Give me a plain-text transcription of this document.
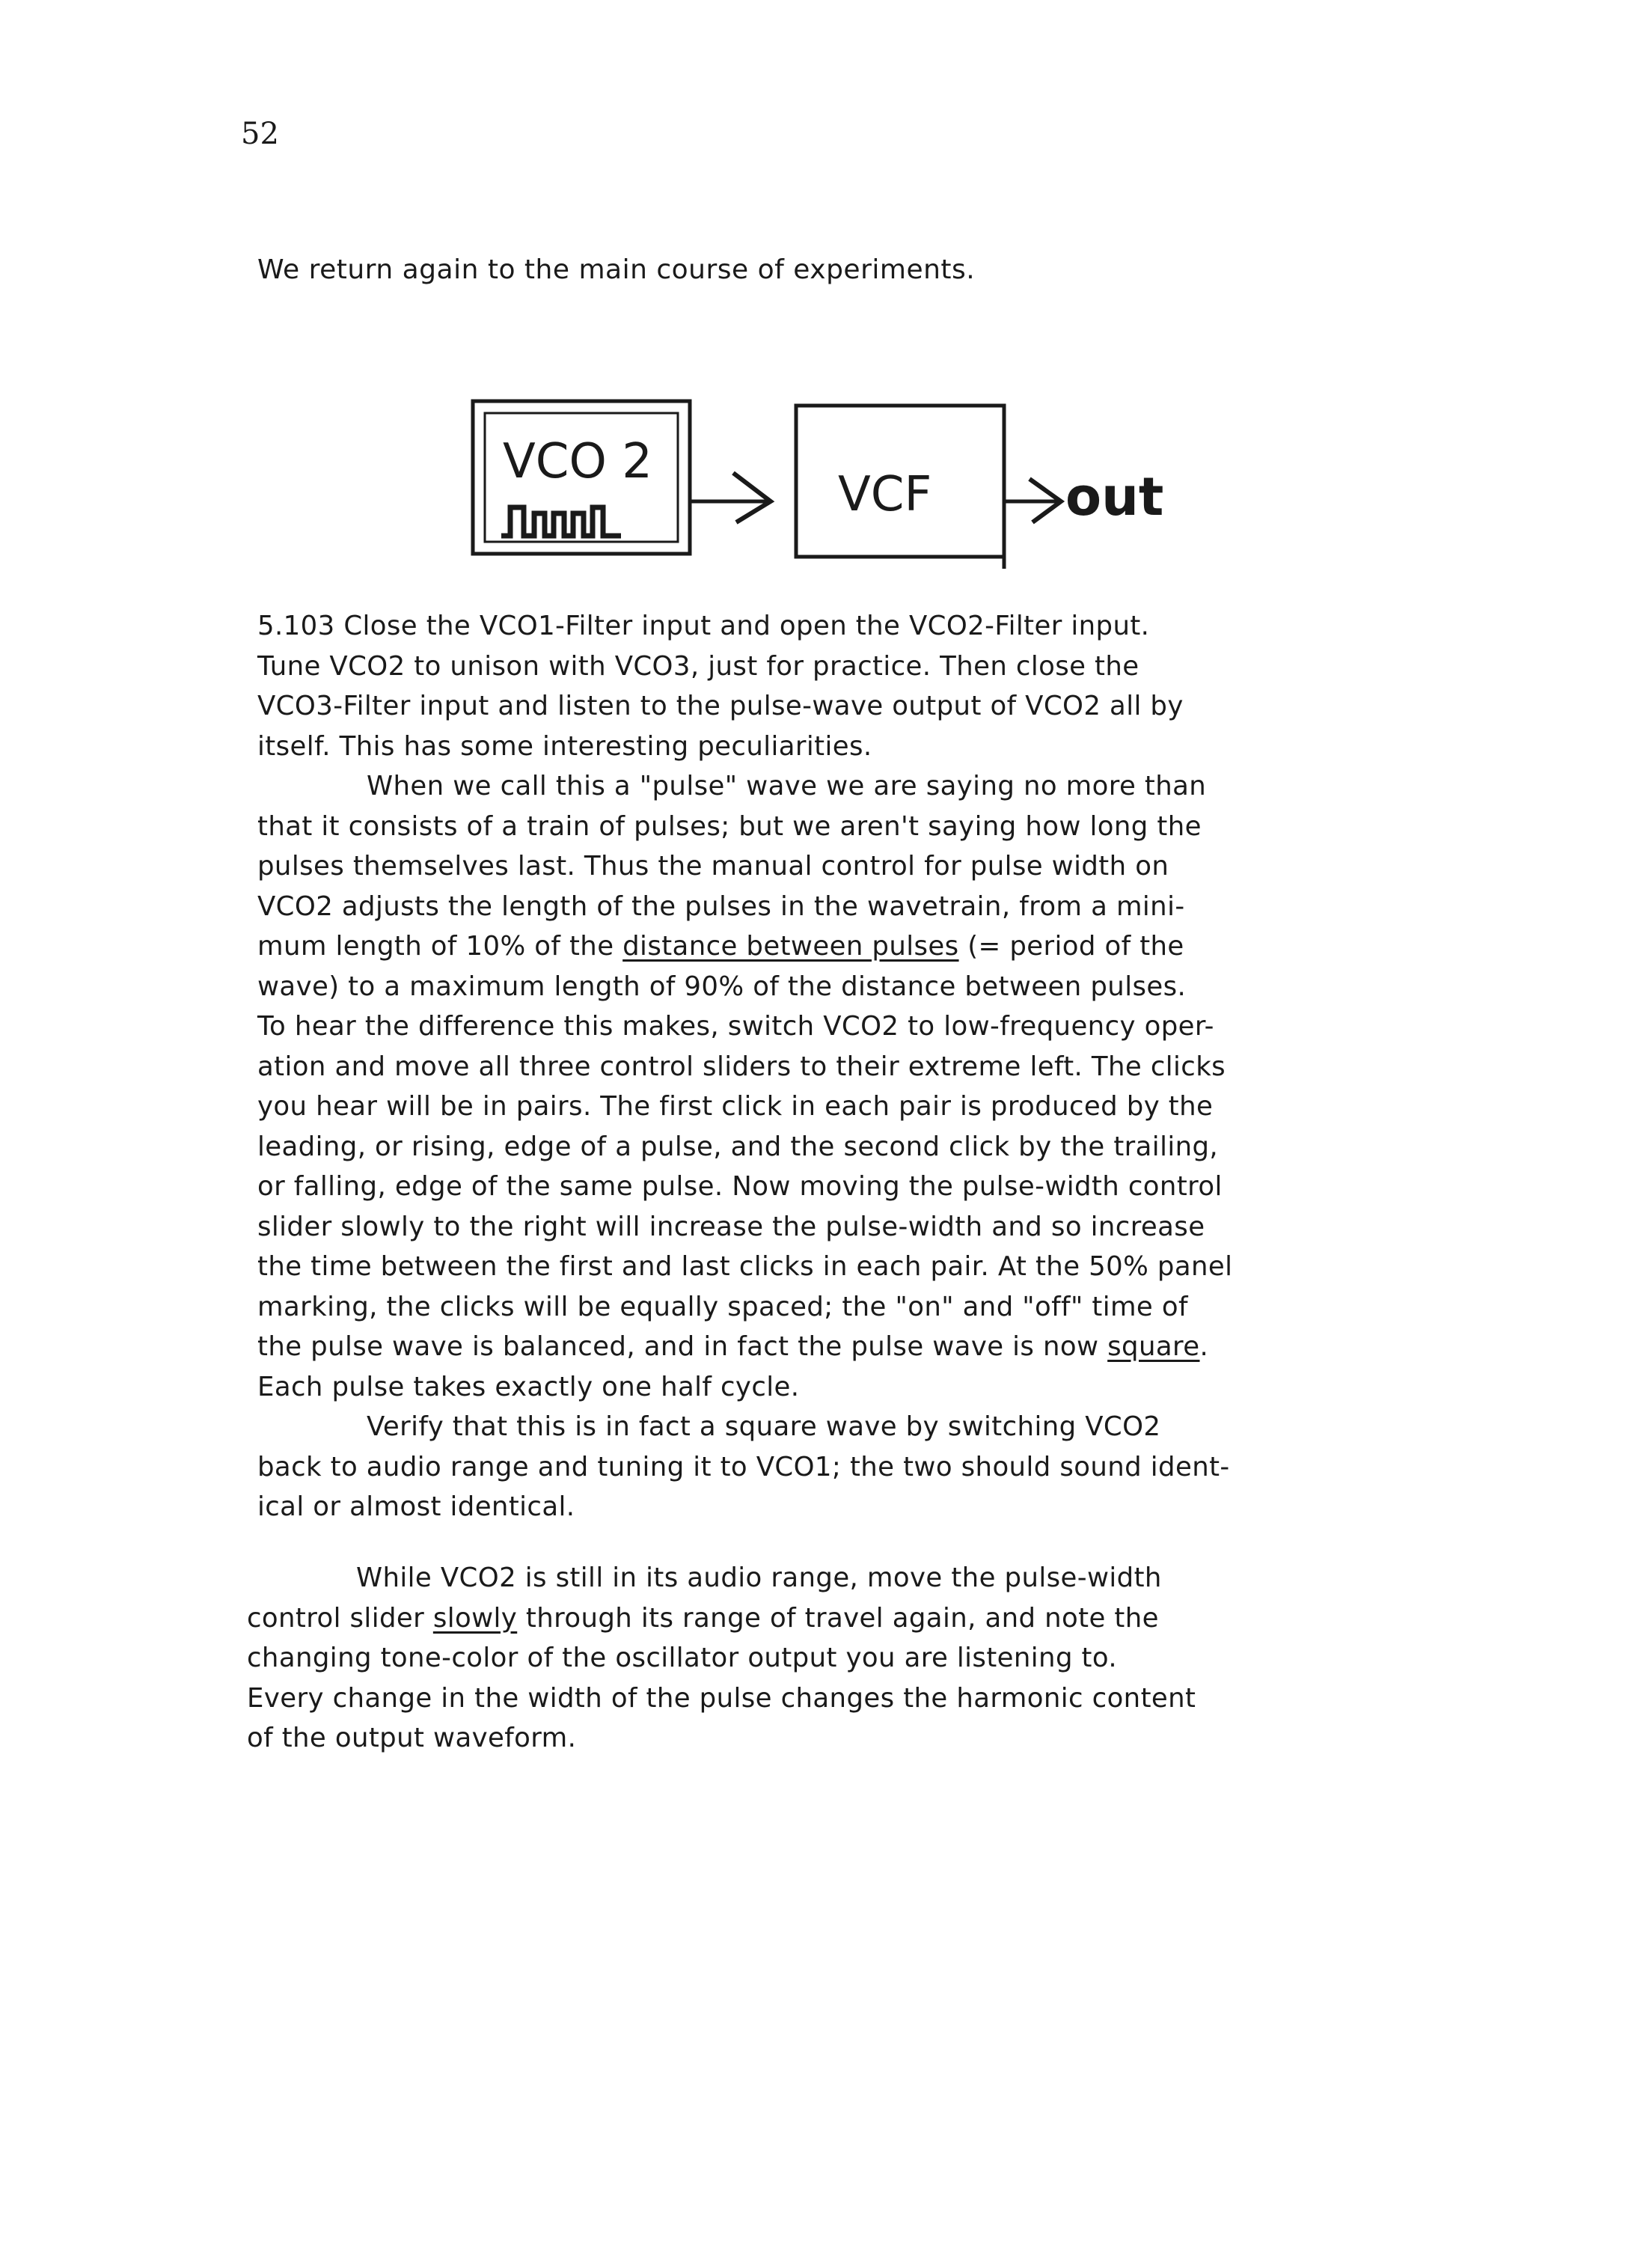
52
We return again to the main course of experiments.
VCO 2
VCF	out
5.103 Close the VCO1-Filter input and open the VCO2-Filter input.
Tune VCO2 to unison with VCO3, just for practice. Then close the
VCO3-Filter input and listen to the pulse-wave output of VCO2 all by
itself. This has some interesting peculiarities.
When we call this a "pulse" wave we are saying no more than
that it consists of a train of pulses; but we aren't saying how long the
pulses themselves last. Thus the manual control for pulse width on
VCO2 adjusts the length of the pulses in the wavetrain, from a mini-
mum length of 10% of the distance between pulses (= period of the
wave) to a maximum length of 90% of the distance between pulses.
To hear the difference this makes, switch VCO2 to low-frequency oper-
ation and move all three control sliders to their extreme left. The clicks
you hear will be in pairs. The first click in each pair is produced by the
leading, or rising, edge of a pulse, and the second click by the trailing,
or falling, edge of the same pulse. Now moving the pulse-width control
slider slowly to the right will increase the pulse-width and so increase
the time between the first and last clicks in each pair. At the 50% panel
marking, the clicks will be equally spaced; the "on" and "off" time of
the pulse wave is balanced, and in fact the pulse wave is now square.
Each pulse takes exactly one half cycle.
Verify that this is in fact a square wave by switching VCO2
back to audio range and tuning it to VCO1; the two should sound ident-
ical or almost identical.
While VCO2 is still in its audio range, move the pulse-width
control slider slowly through its range of travel again, and note the
changing tone-color of the oscillator output you are listening to.
Every change in the width of the pulse changes the harmonic content
of the output waveform.
